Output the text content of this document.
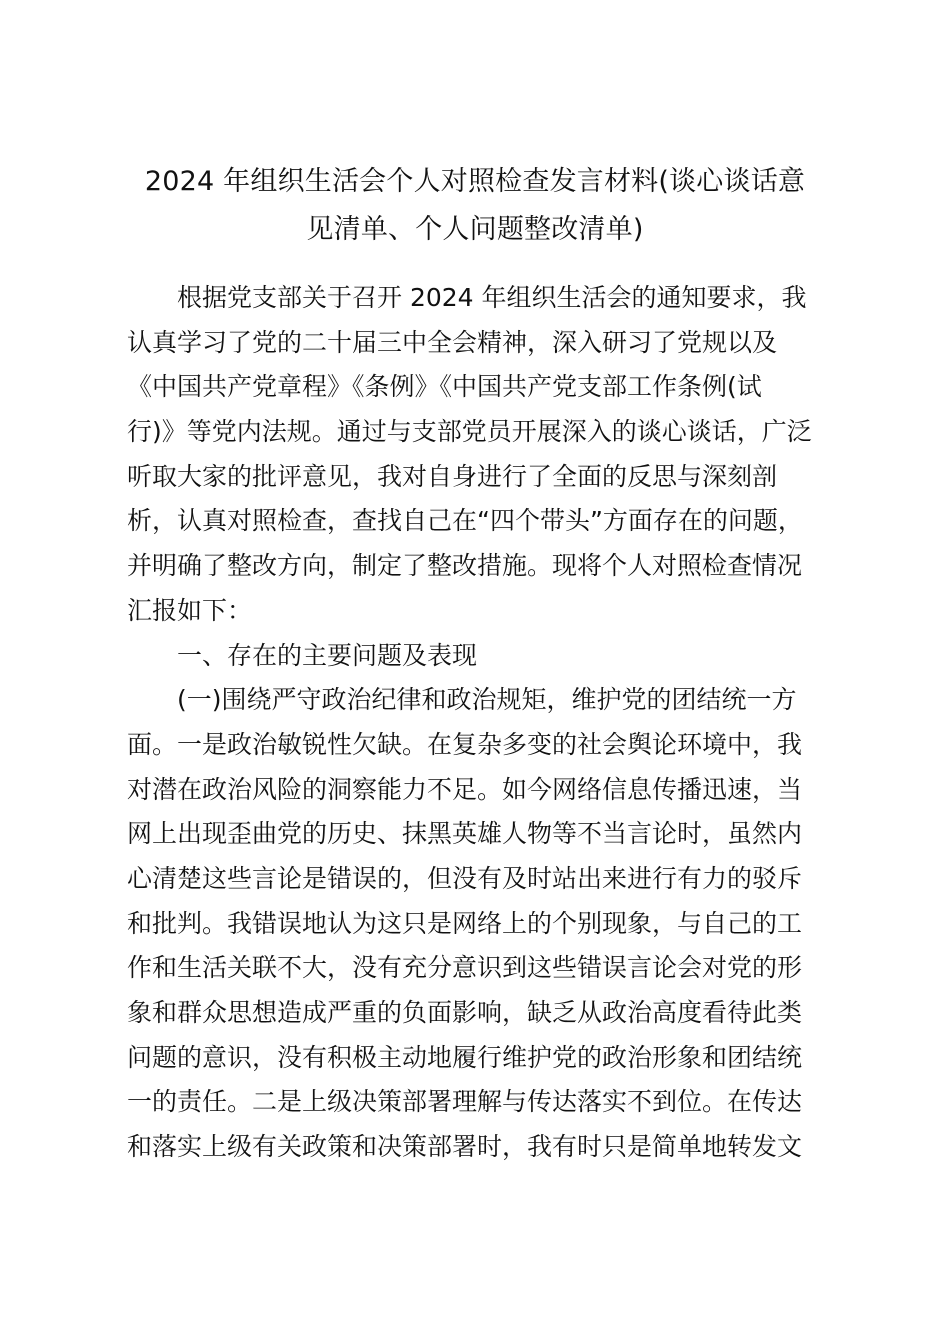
2024 年组织生活会个人对照检查发言材料(谈心谈话意
见清单、个人问题整改清单)
根据党支部关于召开 2024 年组织生活会的通知要求，我
认真学习了党的二十届三中全会精神，深入研习了党规以及
《中国共产党章程》《条例》《中国共产党支部工作条例(试
行)》等党内法规。通过与支部党员开展深入的谈心谈话，广泛
听取大家的批评意见，我对自身进行了全面的反思与深刻剖
析，认真对照检查，查找自己在“四个带头”方面存在的问题，
并明确了整改方向，制定了整改措施。现将个人对照检查情况
汇报如下：
一、存在的主要问题及表现
(一)围绕严守政治纪律和政治规矩，维护党的团结统一方
面。一是政治敏锐性欠缺。在复杂多变的社会舆论环境中，我
对潜在政治风险的洞察能力不足。如今网络信息传播迅速，当
网上出现歪曲党的历史、抹黑英雄人物等不当言论时，虽然内
心清楚这些言论是错误的，但没有及时站出来进行有力的驳斥
和批判。我错误地认为这只是网络上的个别现象，与自己的工
作和生活关联不大，没有充分意识到这些错误言论会对党的形
象和群众思想造成严重的负面影响，缺乏从政治高度看待此类
问题的意识，没有积极主动地履行维护党的政治形象和团结统
一的责任。二是上级决策部署理解与传达落实不到位。在传达
和落实上级有关政策和决策部署时，我有时只是简单地转发文
